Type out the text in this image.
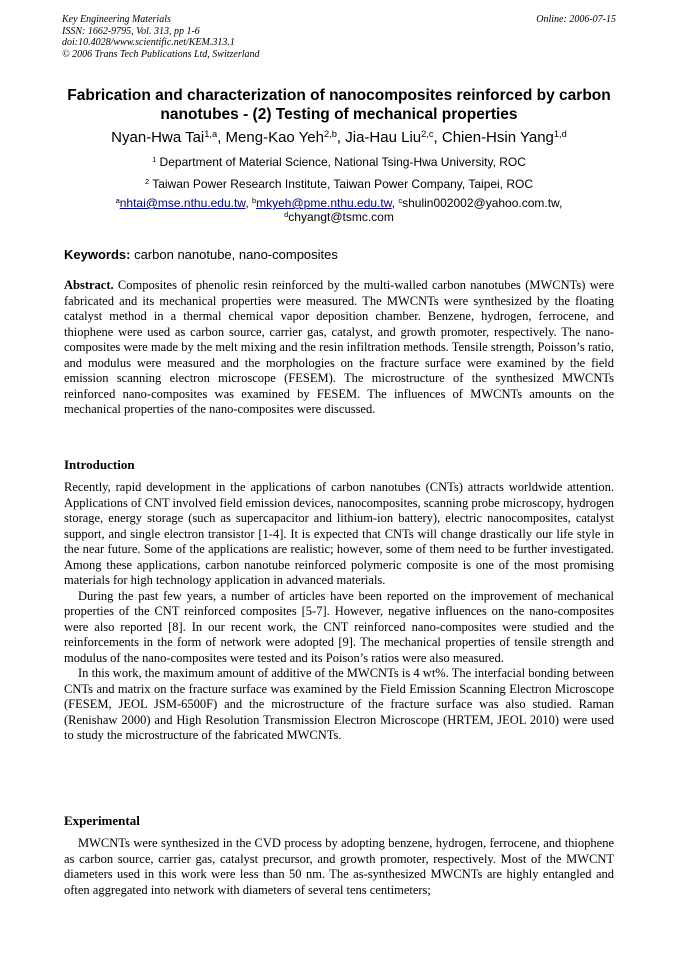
Key Engineering Materials	Online: 2006-07-15
ISSN: 1662-9795, Vol. 313, pp 1-6
doi:10.4028/www.scientific.net/KEM.313.1
© 2006 Trans Tech Publications Ltd, Switzerland
Fabrication and characterization of nanocomposites reinforced by carbon nanotubes - (2) Testing of mechanical properties
Nyan-Hwa Tai$^{1,a}$, Meng-Kao Yeh$^{2,b}$, Jia-Hau Liu$^{2,c}$, Chien-Hsin Yang$^{1,d}$
$^1$ Department of Material Science, National Tsing-Hwa University, ROC
$^2$ Taiwan Power Research Institute, Taiwan Power Company, Taipei, ROC
$^a$nhtai@mse.nthu.edu.tw, $^b$mkyeh@pme.nthu.edu.tw, $^c$shulin002002@yahoo.com.tw,
$^d$chyangt@tsmc.com
Keywords: carbon nanotube, nano-composites

Abstract. Composites of phenolic resin reinforced by the multi-walled carbon nanotubes (MWCNTs) were fabricated and its mechanical properties were measured. The MWCNTs were synthesized by the floating catalyst method in a thermal chemical vapor deposition chamber. Benzene, hydrogen, ferrocene, and thiophene were used as carbon source, carrier gas, catalyst, and growth promoter, respectively. The nano-composites were made by the melt mixing and the resin infiltration methods. Tensile strength, Poisson’s ratio, and modulus were measured and the morphologies on the fracture surface were examined by the field emission scanning electron microscope (FESEM). The microstructure of the synthesized MWCNTs reinforced nano-composites was examined by FESEM. The influences of MWCNTs amounts on the mechanical properties of the nano-composites were discussed.

Introduction

Recently, rapid development in the applications of carbon nanotubes (CNTs) attracts worldwide attention. Applications of CNT involved field emission devices, nanocomposites, scanning probe microscopy, hydrogen storage, energy storage (such as supercapacitor and lithium-ion battery), electric nanocomposites, catalyst support, and single electron transistor [1-4]. It is expected that CNTs will change drastically our life style in the near future. Some of the applications are realistic; however, some of them need to be further investigated. Among these applications, carbon nanotube reinforced polymeric composite is one of the most promising materials for high technology application in advanced materials.

During the past few years, a number of articles have been reported on the improvement of mechanical properties of the CNT reinforced composites [5-7]. However, negative influences on the nano-composites were also reported [8]. In our recent work, the CNT reinforced nano-composites were studied and the reinforcements in the form of network were adopted [9]. The mechanical properties of tensile strength and modulus of the nano-composites were tested and its Poison’s ratios were also measured.

In this work, the maximum amount of additive of the MWCNTs is 4 wt%. The interfacial bonding between CNTs and matrix on the fracture surface was examined by the Field Emission Scanning Electron Microscope (FESEM, JEOL JSM-6500F) and the microstructure of the fracture surface was also studied. Raman (Renishaw 2000) and High Resolution Transmission Electron Microscope (HRTEM, JEOL 2010) were used to study the microstructure of the fabricated MWCNTs.

Experimental

MWCNTs were synthesized in the CVD process by adopting benzene, hydrogen, ferrocene, and thiophene as carbon source, carrier gas, catalyst precursor, and growth promoter, respectively. Most of the MWCNT diameters used in this work were less than 50 nm. The as-synthesized MWCNTs are highly entangled and often aggregated into network with diameters of several tens centimeters;
